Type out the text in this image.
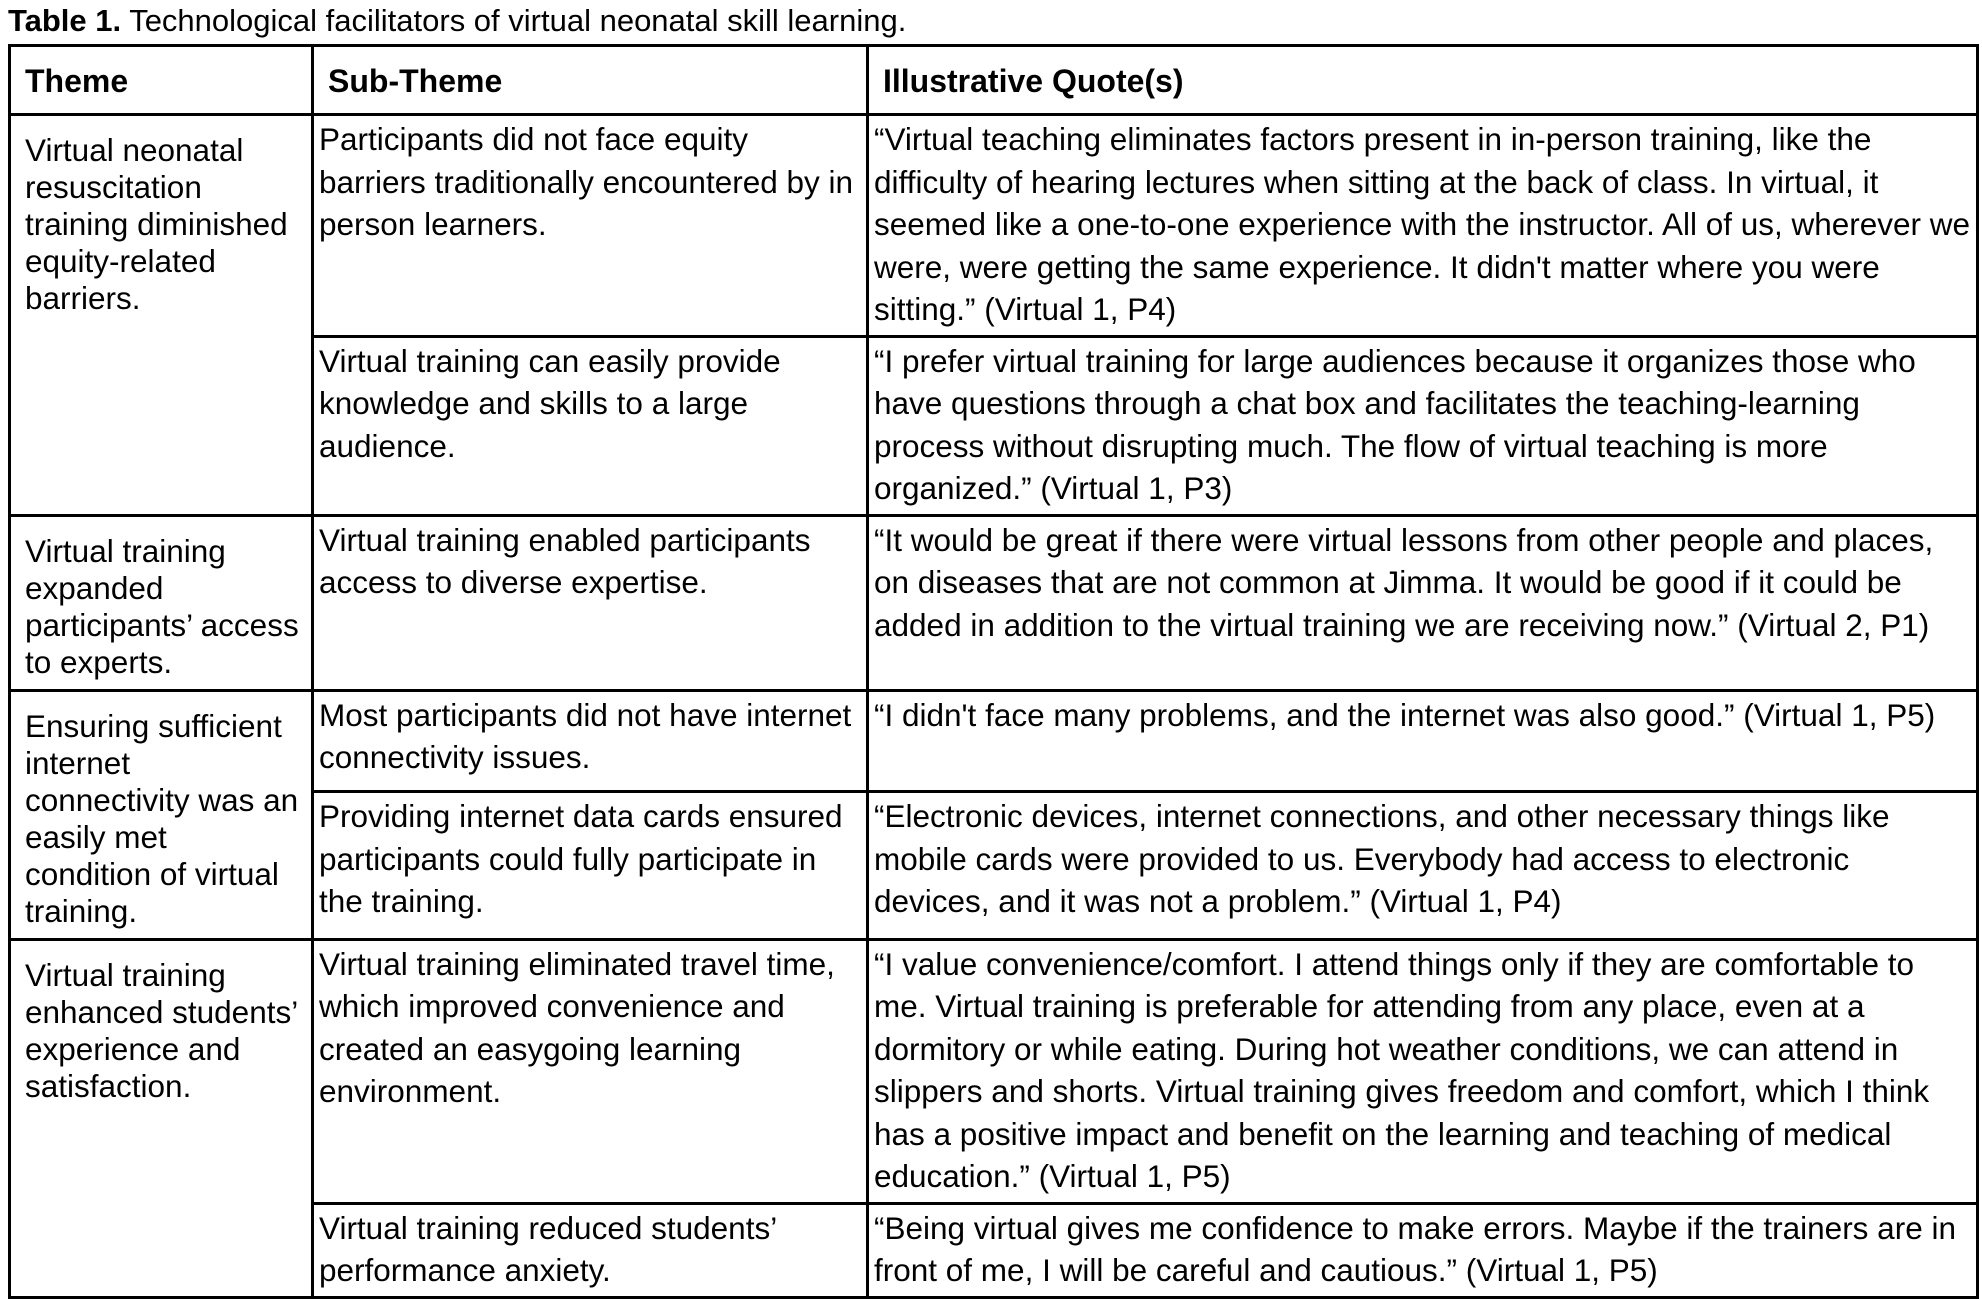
Table 1. Technological facilitators of virtual neonatal skill learning.
Theme	Sub-Theme	Illustrative Quote(s)
Virtual neonatal resuscitation training diminished equity-related barriers.	Participants did not face equity barriers traditionally encountered by in person learners.	“Virtual teaching eliminates factors present in in-person training, like the difficulty of hearing lectures when sitting at the back of class. In virtual, it seemed like a one-to-one experience with the instructor. All of us, wherever we were, were getting the same experience. It didn't matter where you were sitting.” (Virtual 1, P4)
	Virtual training can easily provide knowledge and skills to a large audience.	“I prefer virtual training for large audiences because it organizes those who have questions through a chat box and facilitates the teaching-learning process without disrupting much. The flow of virtual teaching is more organized.” (Virtual 1, P3)
Virtual training expanded participants’ access to experts.	Virtual training enabled participants access to diverse expertise.	“It would be great if there were virtual lessons from other people and places, on diseases that are not common at Jimma. It would be good if it could be added in addition to the virtual training we are receiving now.” (Virtual 2, P1)
Ensuring sufficient internet connectivity was an easily met condition of virtual training.	Most participants did not have internet connectivity issues.	“I didn't face many problems, and the internet was also good.” (Virtual 1, P5)
	Providing internet data cards ensured participants could fully participate in the training.	“Electronic devices, internet connections, and other necessary things like mobile cards were provided to us. Everybody had access to electronic devices, and it was not a problem.” (Virtual 1, P4)
Virtual training enhanced students’ experience and satisfaction.	Virtual training eliminated travel time, which improved convenience and created an easygoing learning environment.	“I value convenience/comfort. I attend things only if they are comfortable to me. Virtual training is preferable for attending from any place, even at a dormitory or while eating. During hot weather conditions, we can attend in slippers and shorts. Virtual training gives freedom and comfort, which I think has a positive impact and benefit on the learning and teaching of medical education.” (Virtual 1, P5)
	Virtual training reduced students’ performance anxiety.	“Being virtual gives me confidence to make errors. Maybe if the trainers are in front of me, I will be careful and cautious.” (Virtual 1, P5)
